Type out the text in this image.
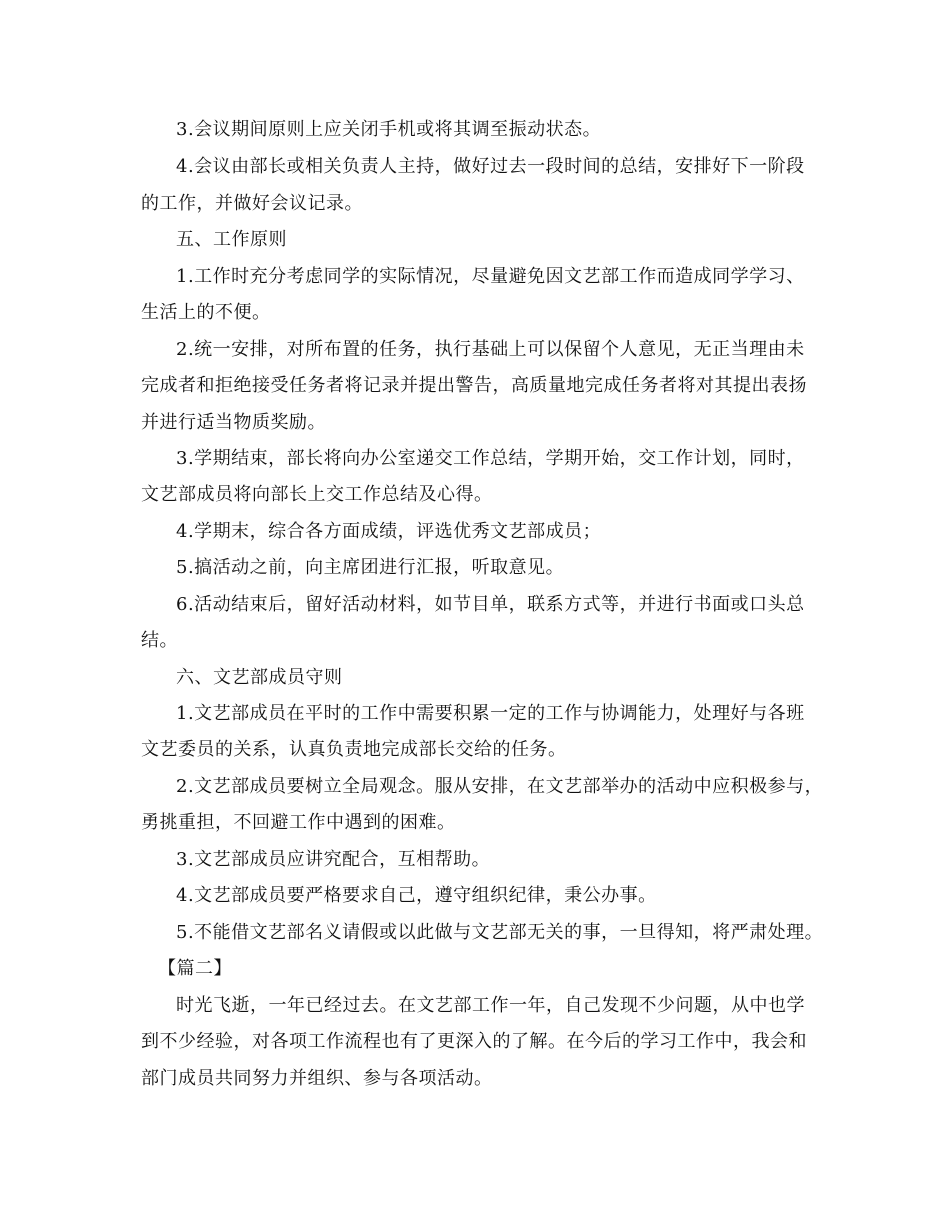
3.会议期间原则上应关闭手机或将其调至振动状态。
4.会议由部长或相关负责人主持，做好过去一段时间的总结，安排好下一阶段
的工作，并做好会议记录。
五、工作原则
1.工作时充分考虑同学的实际情况，尽量避免因文艺部工作而造成同学学习、
生活上的不便。
2.统一安排，对所布置的任务，执行基础上可以保留个人意见，无正当理由未
完成者和拒绝接受任务者将记录并提出警告，高质量地完成任务者将对其提出表扬
并进行适当物质奖励。
3.学期结束，部长将向办公室递交工作总结，学期开始，交工作计划，同时，
文艺部成员将向部长上交工作总结及心得。
4.学期末，综合各方面成绩，评选优秀文艺部成员；
5.搞活动之前，向主席团进行汇报，听取意见。
6.活动结束后，留好活动材料，如节目单，联系方式等，并进行书面或口头总
结。
六、文艺部成员守则
1.文艺部成员在平时的工作中需要积累一定的工作与协调能力，处理好与各班
文艺委员的关系，认真负责地完成部长交给的任务。
2.文艺部成员要树立全局观念。服从安排，在文艺部举办的活动中应积极参与，
勇挑重担，不回避工作中遇到的困难。
3.文艺部成员应讲究配合，互相帮助。
4.文艺部成员要严格要求自己，遵守组织纪律，秉公办事。
5.不能借文艺部名义请假或以此做与文艺部无关的事，一旦得知，将严肃处理。
【篇二】
时光飞逝，一年已经过去。在文艺部工作一年，自己发现不少问题，从中也学
到不少经验，对各项工作流程也有了更深入的了解。在今后的学习工作中，我会和
部门成员共同努力并组织、参与各项活动。
